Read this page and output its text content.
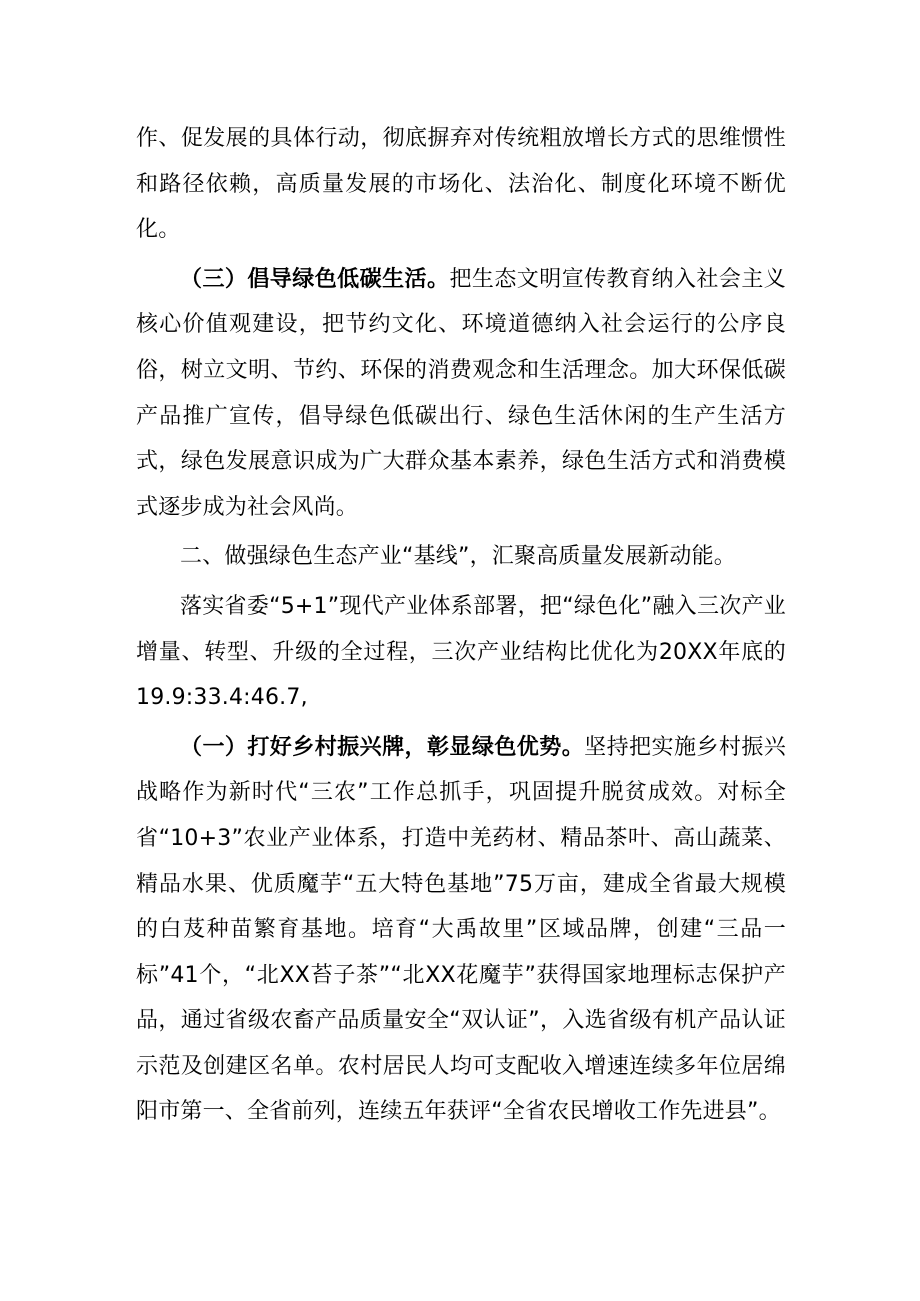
作、促发展的具体行动，彻底摒弃对传统粗放增长方式的思维惯性和路径依赖，高质量发展的市场化、法治化、制度化环境不断优化。

（三）倡导绿色低碳生活。把生态文明宣传教育纳入社会主义核心价值观建设，把节约文化、环境道德纳入社会运行的公序良俗，树立文明、节约、环保的消费观念和生活理念。加大环保低碳产品推广宣传，倡导绿色低碳出行、绿色生活休闲的生产生活方式，绿色发展意识成为广大群众基本素养，绿色生活方式和消费模式逐步成为社会风尚。

二、做强绿色生态产业“基线”，汇聚高质量发展新动能。

落实省委“5+1”现代产业体系部署，把“绿色化”融入三次产业增量、转型、升级的全过程，三次产业结构比优化为20XX年底的19.9:33.4:46.7,

（一）打好乡村振兴牌，彰显绿色优势。坚持把实施乡村振兴战略作为新时代“三农”工作总抓手，巩固提升脱贫成效。对标全省“10+3”农业产业体系，打造中羌药材、精品茶叶、高山蔬菜、精品水果、优质魔芋“五大特色基地”75万亩，建成全省最大规模的白芨种苗繁育基地。培育“大禹故里”区域品牌，创建“三品一标”41个，“北XX苔子茶”“北XX花魔芋”获得国家地理标志保护产品，通过省级农畜产品质量安全“双认证”，入选省级有机产品认证示范及创建区名单。农村居民人均可支配收入增速连续多年位居绵阳市第一、全省前列，连续五年获评“全省农民增收工作先进县”。
